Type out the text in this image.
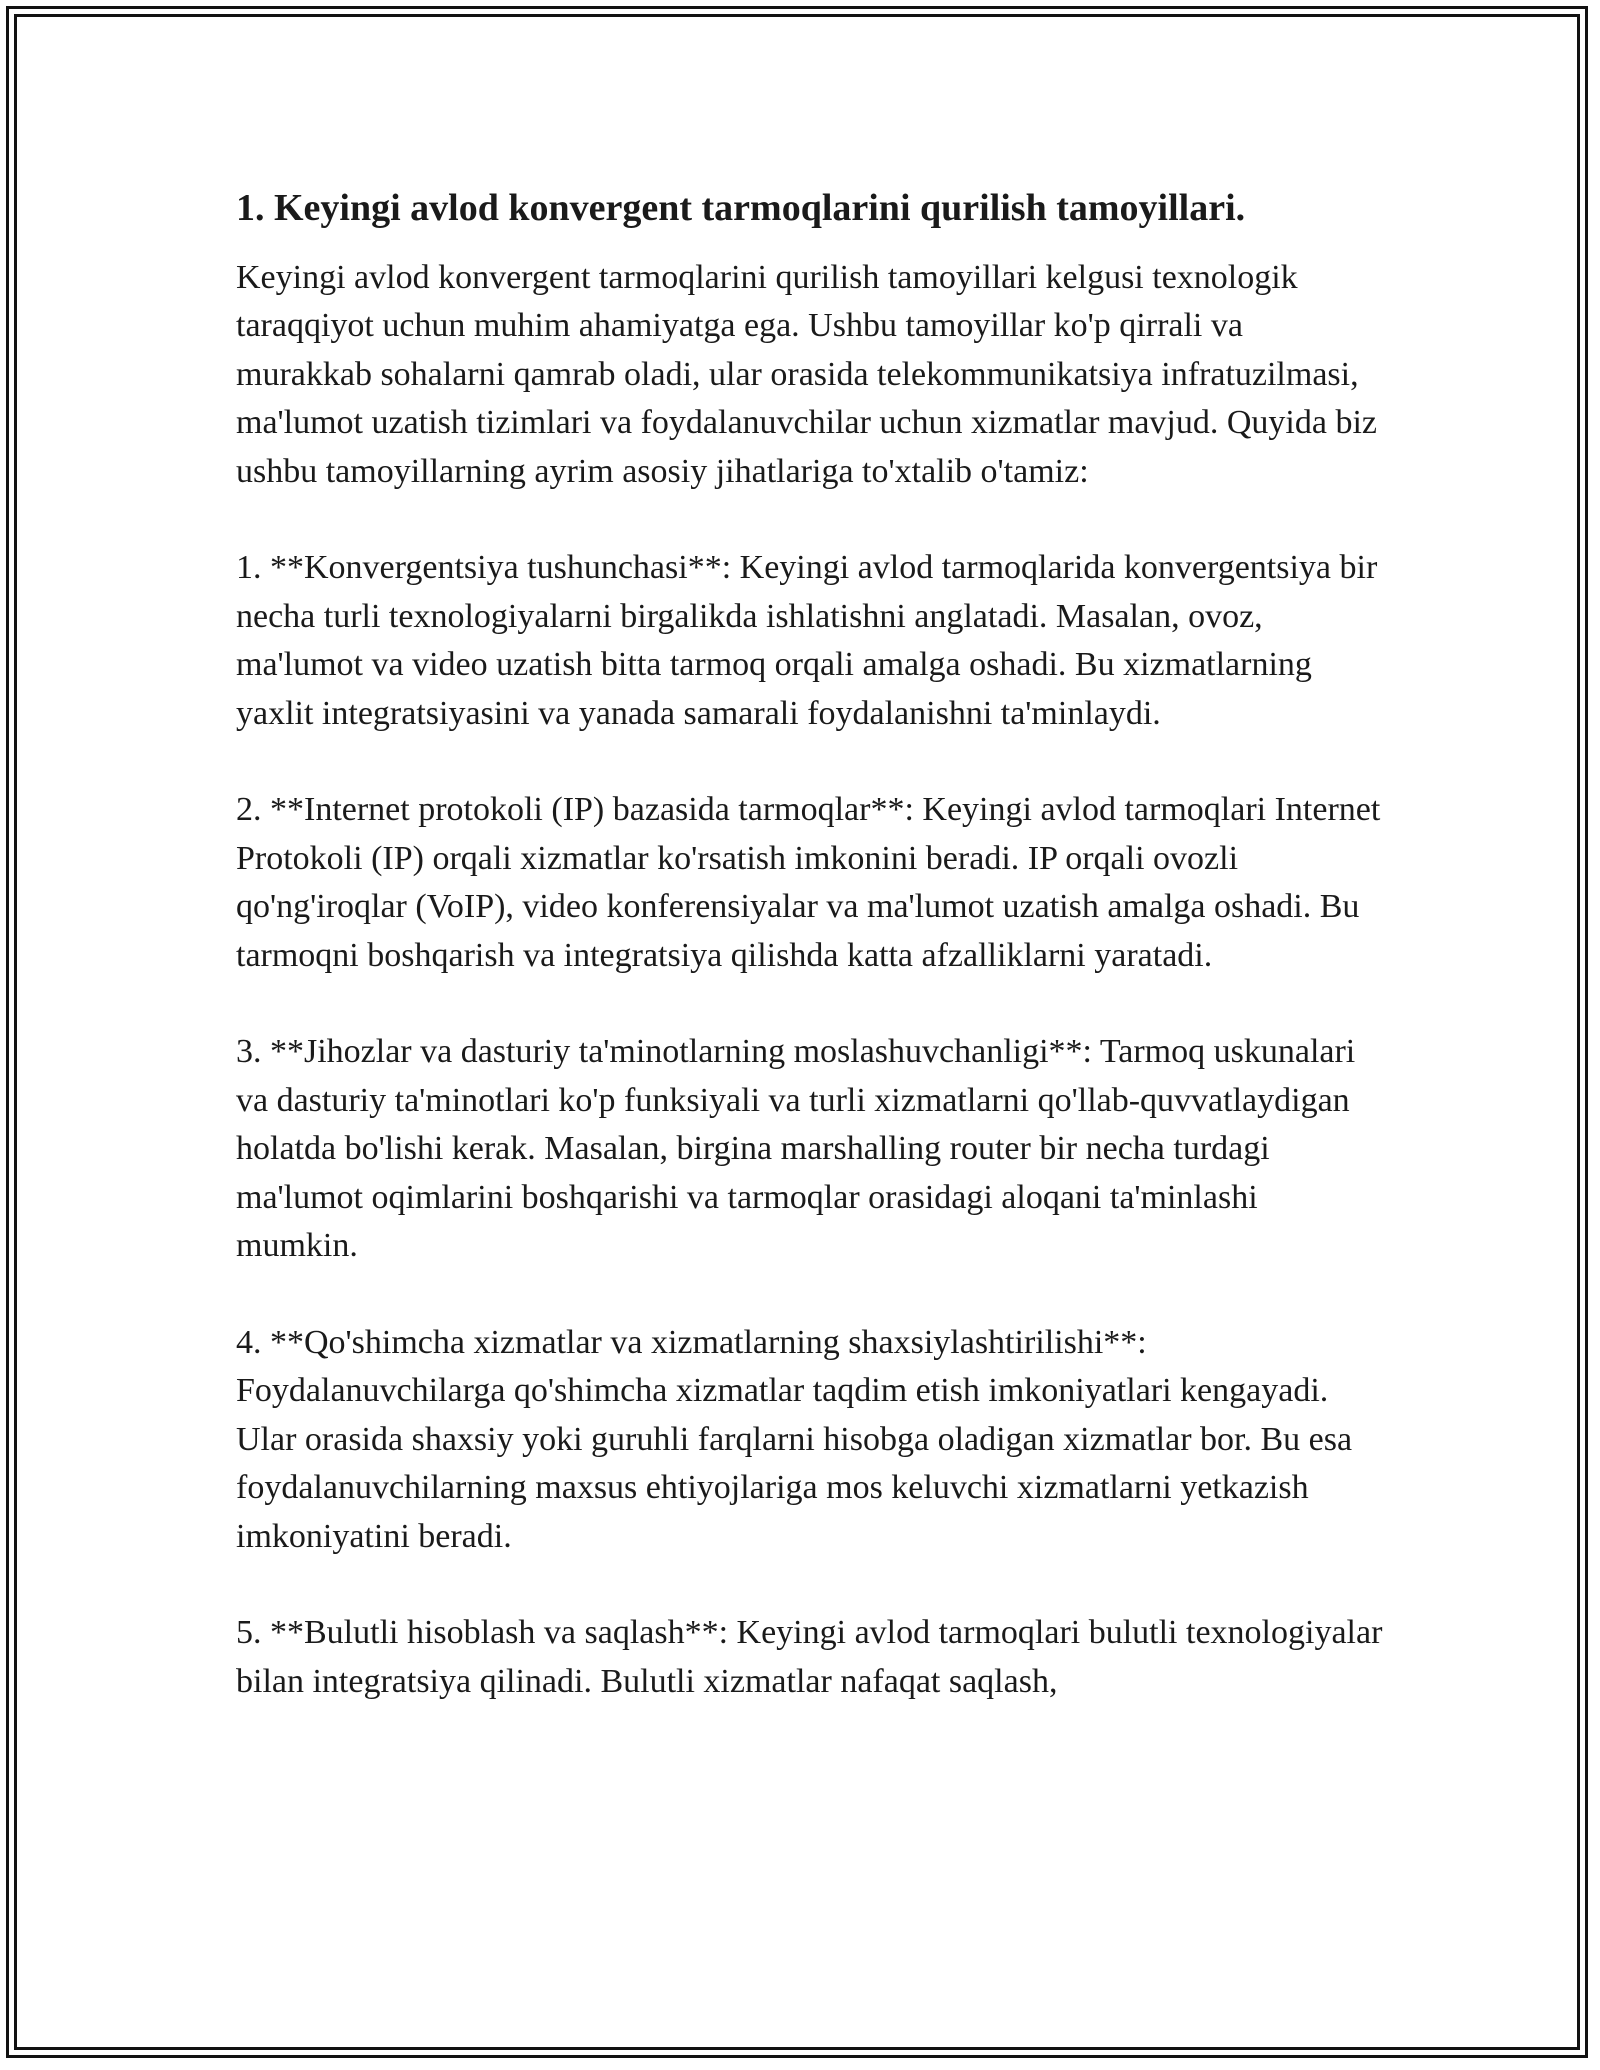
1. Keyingi avlod konvergent tarmoqlarini qurilish tamoyillari.

Keyingi avlod konvergent tarmoqlarini qurilish tamoyillari kelgusi texnologik taraqqiyot uchun muhim ahamiyatga ega. Ushbu tamoyillar ko'p qirrali va murakkab sohalarni qamrab oladi, ular orasida telekommunikatsiya infratuzilmasi, ma'lumot uzatish tizimlari va foydalanuvchilar uchun xizmatlar mavjud. Quyida biz ushbu tamoyillarning ayrim asosiy jihatlariga to'xtalib o'tamiz:

1. **Konvergentsiya tushunchasi**: Keyingi avlod tarmoqlarida konvergentsiya bir necha turli texnologiyalarni birgalikda ishlatishni anglatadi. Masalan, ovoz, ma'lumot va video uzatish bitta tarmoq orqali amalga oshadi. Bu xizmatlarning yaxlit integratsiyasini va yanada samarali foydalanishni ta'minlaydi.

2. **Internet protokoli (IP) bazasida tarmoqlar**: Keyingi avlod tarmoqlari Internet Protokoli (IP) orqali xizmatlar ko'rsatish imkonini beradi. IP orqali ovozli qo'ng'iroqlar (VoIP), video konferensiyalar va ma'lumot uzatish amalga oshadi. Bu tarmoqni boshqarish va integratsiya qilishda katta afzalliklarni yaratadi.

3. **Jihozlar va dasturiy ta'minotlarning moslashuvchanligi**: Tarmoq uskunalari va dasturiy ta'minotlari ko'p funksiyali va turli xizmatlarni qo'llab-quvvatlaydigan holatda bo'lishi kerak. Masalan, birgina marshalling router bir necha turdagi ma'lumot oqimlarini boshqarishi va tarmoqlar orasidagi aloqani ta'minlashi mumkin.

4. **Qo'shimcha xizmatlar va xizmatlarning shaxsiylashtirilishi**: Foydalanuvchilarga qo'shimcha xizmatlar taqdim etish imkoniyatlari kengayadi. Ular orasida shaxsiy yoki guruhli farqlarni hisobga oladigan xizmatlar bor. Bu esa foydalanuvchilarning maxsus ehtiyojlariga mos keluvchi xizmatlarni yetkazish imkoniyatini beradi.

5. **Bulutli hisoblash va saqlash**: Keyingi avlod tarmoqlari bulutli texnologiyalar bilan integratsiya qilinadi. Bulutli xizmatlar nafaqat saqlash,
